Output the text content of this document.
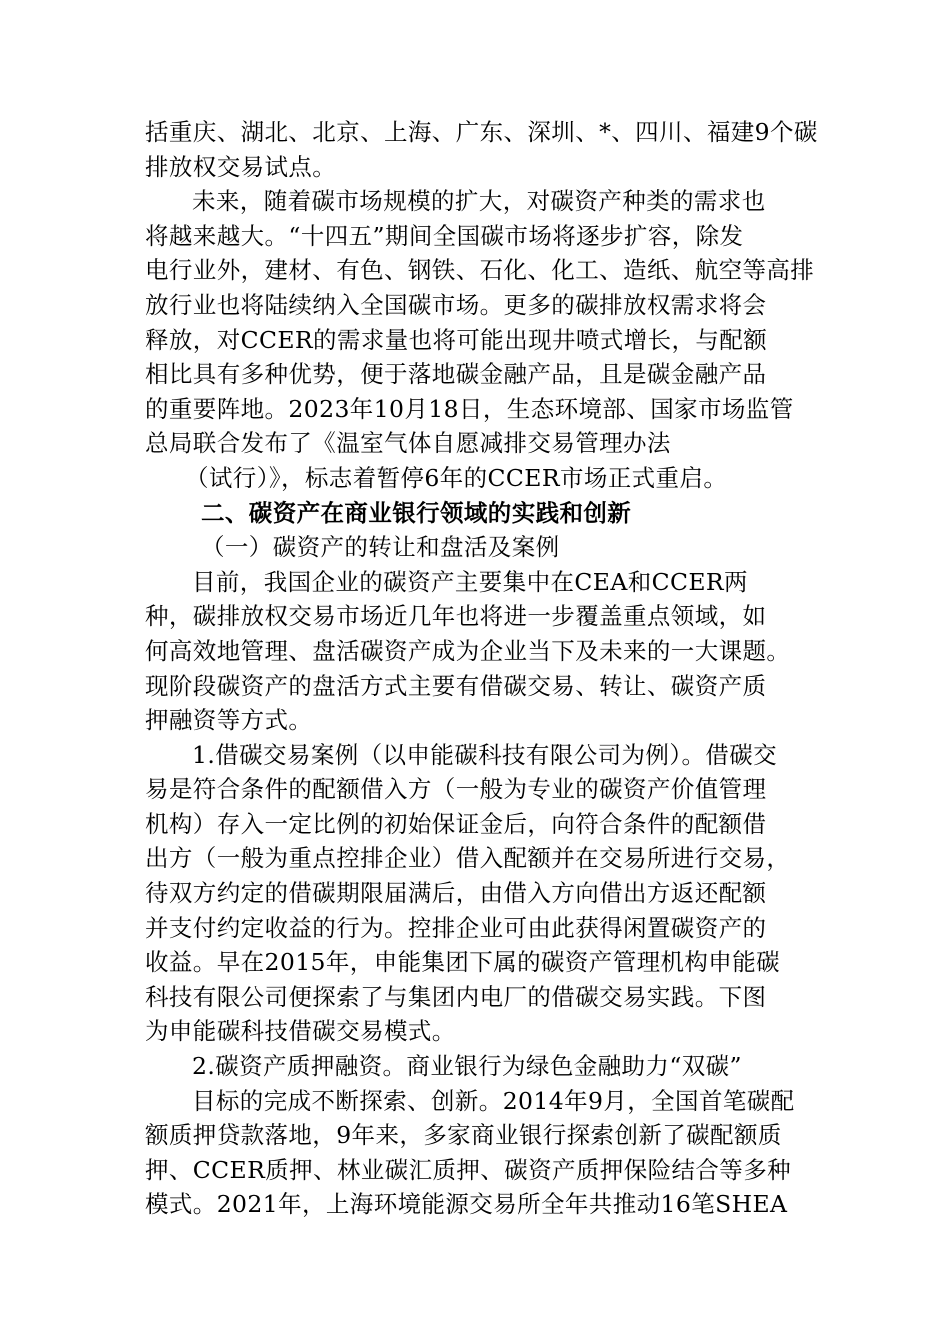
括重庆、湖北、北京、上海、广东、深圳、*、四川、福建9个碳
排放权交易试点。

未来，随着碳市场规模的扩大，对碳资产种类的需求也
将越来越大。“十四五”期间全国碳市场将逐步扩容，除发
电行业外，建材、有色、钢铁、石化、化工、造纸、航空等高排
放行业也将陆续纳入全国碳市场。更多的碳排放权需求将会
释放，对CCER的需求量也将可能出现井喷式增长，与配额
相比具有多种优势，便于落地碳金融产品，且是碳金融产品
的重要阵地。2023年10月18日，生态环境部、国家市场监管
总局联合发布了《温室气体自愿减排交易管理办法
（试行）》，标志着暂停6年的CCER市场正式重启。

二、碳资产在商业银行领域的实践和创新

（一）碳资产的转让和盘活及案例

目前，我国企业的碳资产主要集中在CEA和CCER两
种，碳排放权交易市场近几年也将进一步覆盖重点领域，如
何高效地管理、盘活碳资产成为企业当下及未来的一大课题。
现阶段碳资产的盘活方式主要有借碳交易、转让、碳资产质
押融资等方式。

1.借碳交易案例（以申能碳科技有限公司为例）。借碳交
易是符合条件的配额借入方（一般为专业的碳资产价值管理
机构）存入一定比例的初始保证金后，向符合条件的配额借
出方（一般为重点控排企业）借入配额并在交易所进行交易，
待双方约定的借碳期限届满后，由借入方向借出方返还配额
并支付约定收益的行为。控排企业可由此获得闲置碳资产的
收益。早在2015年，申能集团下属的碳资产管理机构申能碳
科技有限公司便探索了与集团内电厂的借碳交易实践。下图
为申能碳科技借碳交易模式。

2.碳资产质押融资。商业银行为绿色金融助力“双碳”
目标的完成不断探索、创新。2014年9月，全国首笔碳配
额质押贷款落地，9年来，多家商业银行探索创新了碳配额质
押、CCER质押、林业碳汇质押、碳资产质押保险结合等多种
模式。2021年，上海环境能源交易所全年共推动16笔SHEA
